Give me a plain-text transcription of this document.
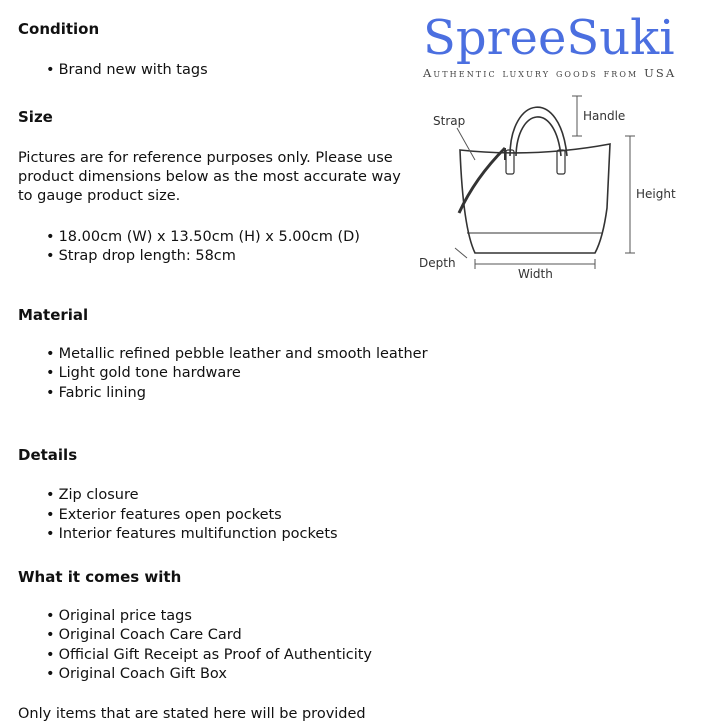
SpreeSuki
Authentic luxury goods from USA
Strap	Handle
Height
Depth
Width
Condition
• Brand new with tags
Size

Pictures are for reference purposes only. Please use product dimensions below as the most accurate way to gauge product size.

• 18.00cm (W) x 13.50cm (H) x 5.00cm (D)
• Strap drop length: 58cm
Material
• Metallic refined pebble leather and smooth leather
• Light gold tone hardware
• Fabric lining
Details
• Zip closure
• Exterior features open pockets
• Interior features multifunction pockets
What it comes with
• Original price tags
• Original Coach Care Card
• Official Gift Receipt as Proof of Authenticity
• Original Coach Gift Box

Only items that are stated here will be provided
